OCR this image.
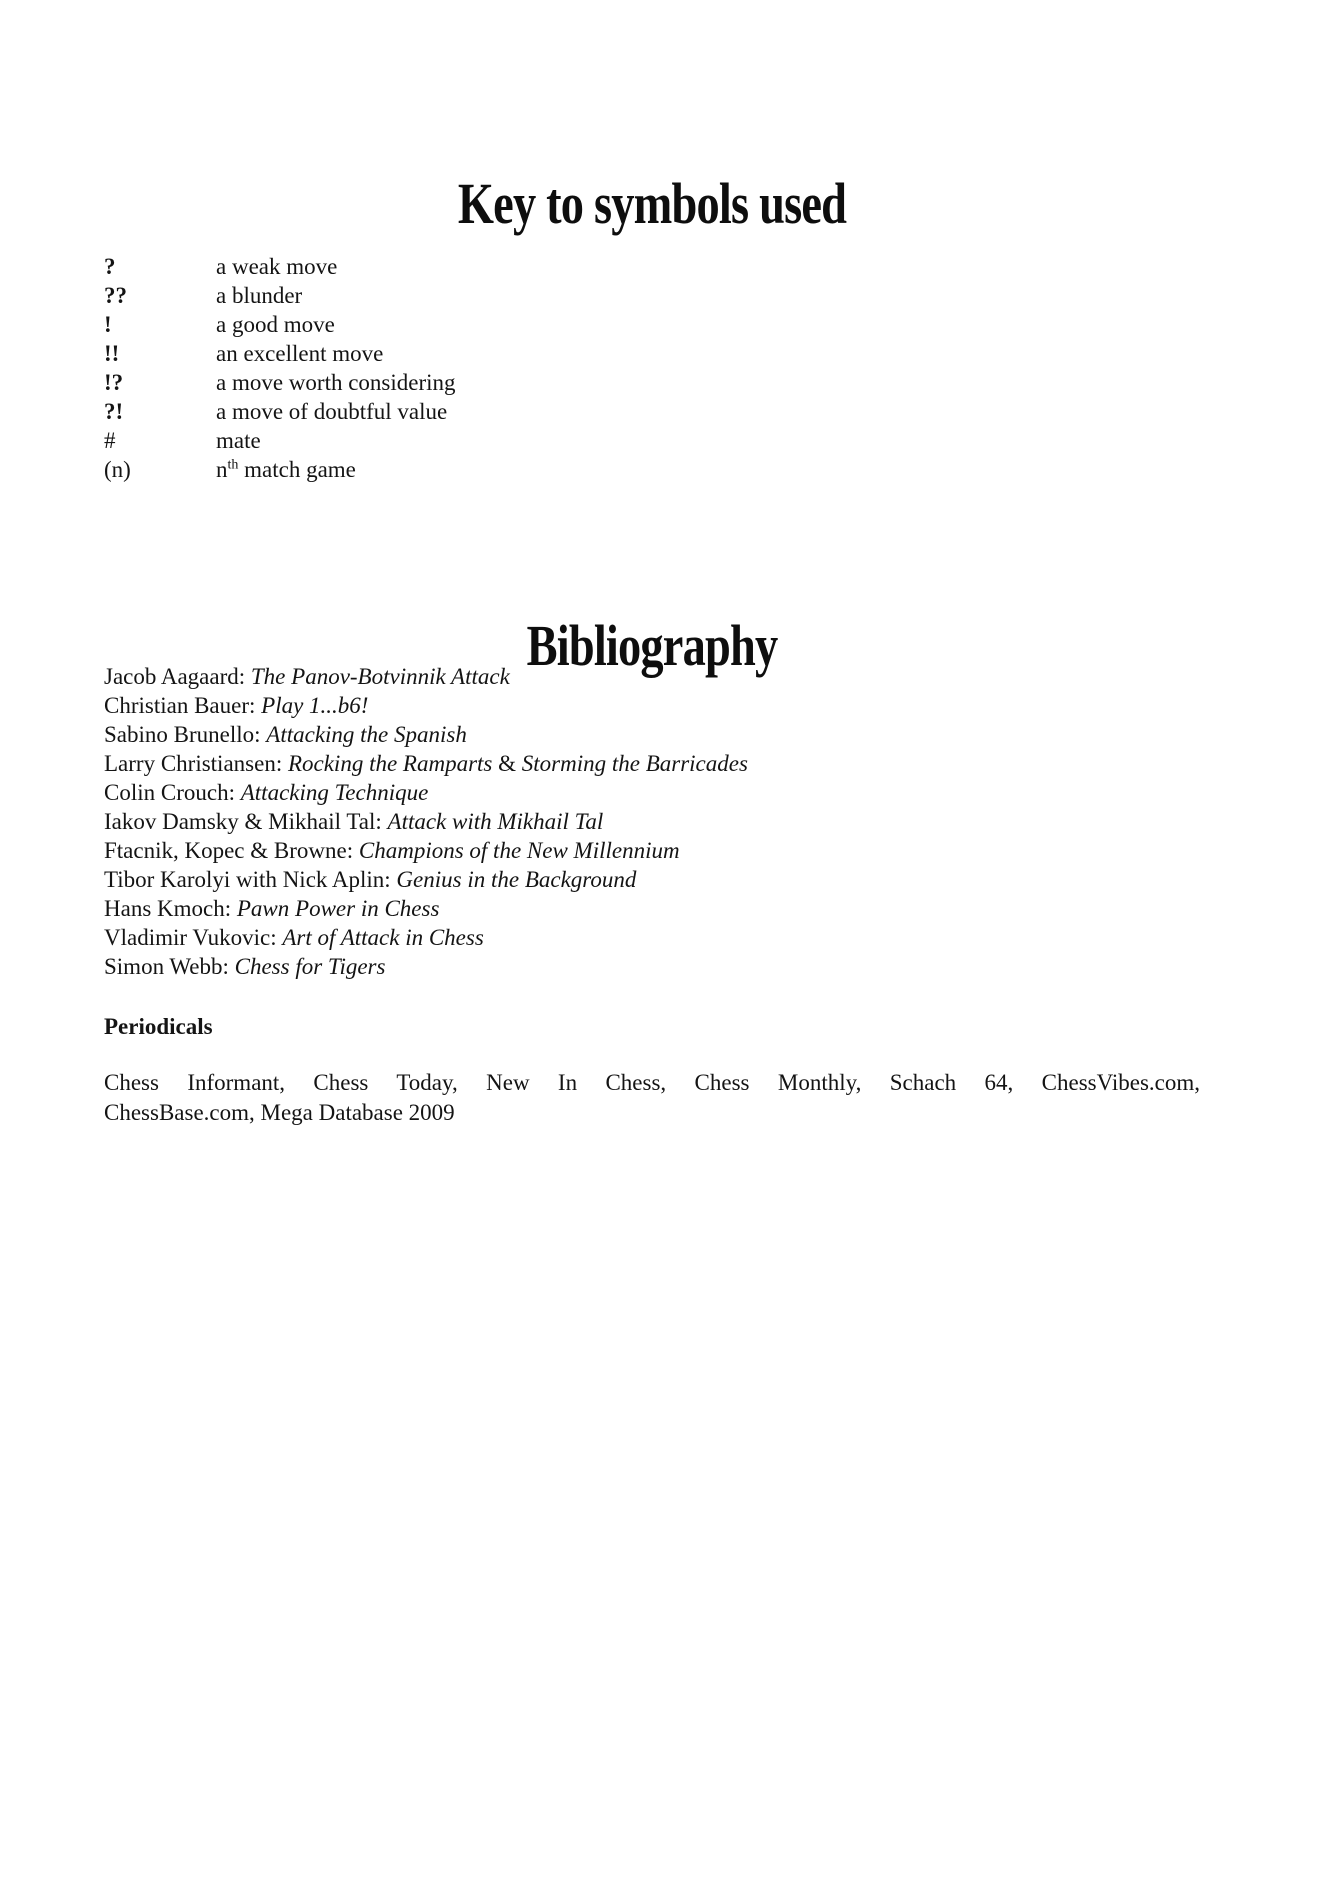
Key to symbols used
?	a weak move
??	a blunder
!	a good move
!!	an excellent move
!?	a move worth considering
?!	a move of doubtful value
#	mate
(n)	$n^{th}$ match game
Bibliography
Jacob Aagaard: The Panov-Botvinnik Attack
Christian Bauer: Play 1...b6!
Sabino Brunello: Attacking the Spanish
Larry Christiansen: Rocking the Ramparts & Storming the Barricades
Colin Crouch: Attacking Technique
Iakov Damsky & Mikhail Tal: Attack with Mikhail Tal
Ftacnik, Kopec & Browne: Champions of the New Millennium
Tibor Karolyi with Nick Aplin: Genius in the Background
Hans Kmoch: Pawn Power in Chess
Vladimir Vukovic: Art of Attack in Chess
Simon Webb: Chess for Tigers
Periodicals
Chess Informant, Chess Today, New In Chess, Chess Monthly, Schach 64, ChessVibes.com,
ChessBase.com, Mega Database 2009
